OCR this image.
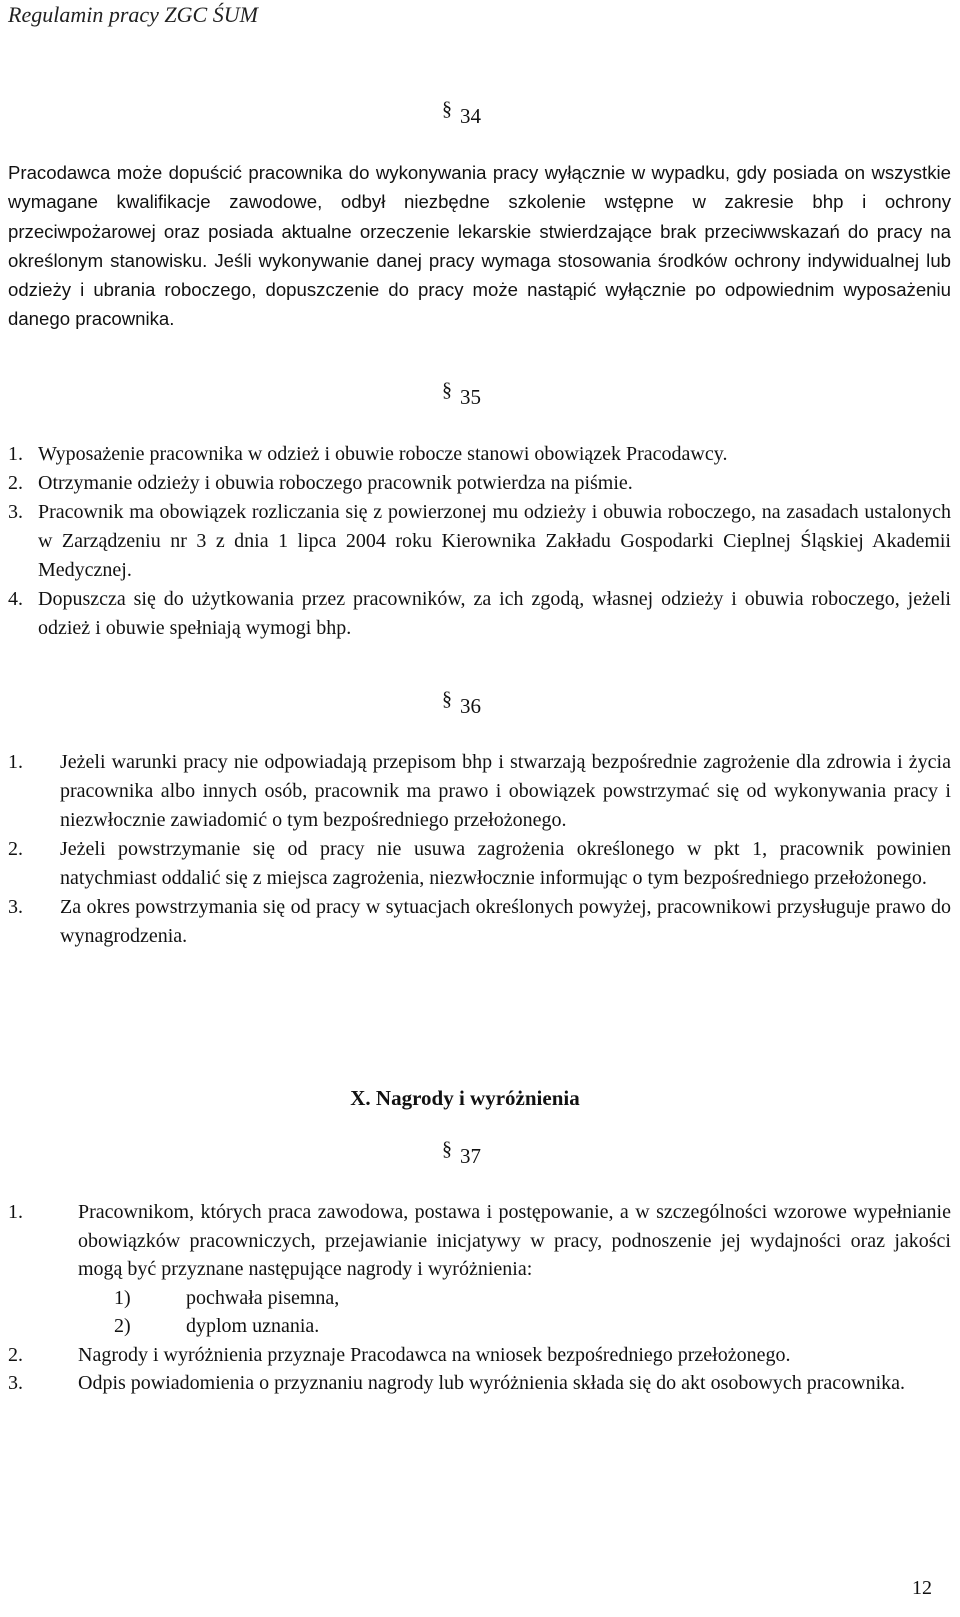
Regulamin pracy ZGC ŚUM
§ 34
Pracodawca może dopuścić pracownika do wykonywania pracy wyłącznie w wypadku, gdy posiada on wszystkie wymagane kwalifikacje zawodowe, odbył niezbędne szkolenie wstępne w zakresie bhp i ochrony przeciwpożarowej oraz posiada aktualne orzeczenie lekarskie stwierdzające brak przeciwwskazań do pracy na określonym stanowisku. Jeśli wykonywanie danej pracy wymaga stosowania środków ochrony indywidualnej lub odzieży i ubrania roboczego, dopuszczenie do pracy może nastąpić wyłącznie po odpowiednim wyposażeniu danego pracownika.
§ 35
1. Wyposażenie pracownika w odzież i obuwie robocze stanowi obowiązek Pracodawcy.
2. Otrzymanie odzieży i obuwia roboczego pracownik potwierdza na piśmie.
3. Pracownik ma obowiązek rozliczania się z powierzonej mu odzieży i obuwia roboczego, na zasadach ustalonych w Zarządzeniu nr 3 z dnia 1 lipca 2004 roku Kierownika Zakładu Gospodarki Cieplnej Śląskiej Akademii Medycznej.
4. Dopuszcza się do użytkowania przez pracowników, za ich zgodą, własnej odzieży i obuwia roboczego, jeżeli odzież i obuwie spełniają wymogi bhp.
§ 36
1. Jeżeli warunki pracy nie odpowiadają przepisom bhp i stwarzają bezpośrednie zagrożenie dla zdrowia i życia pracownika albo innych osób, pracownik ma prawo i obowiązek powstrzymać się od wykonywania pracy i niezwłocznie zawiadomić o tym bezpośredniego przełożonego.
2. Jeżeli powstrzymanie się od pracy nie usuwa zagrożenia określonego w pkt 1, pracownik powinien natychmiast oddalić się z miejsca zagrożenia, niezwłocznie informując o tym bezpośredniego przełożonego.
3. Za okres powstrzymania się od pracy w sytuacjach określonych powyżej, pracownikowi przysługuje prawo do wynagrodzenia.
X. Nagrody i wyróżnienia
§ 37
1.	Pracownikom, których praca zawodowa, postawa i postępowanie, a w szczególności wzorowe wypełnianie obowiązków pracowniczych, przejawianie inicjatywy w pracy, podnoszenie jej wydajności oraz jakości mogą być przyznane następujące nagrody i wyróżnienia:
1)	pochwała pisemna,
2)	dyplom uznania.
2.	Nagrody i wyróżnienia przyznaje Pracodawca na wniosek bezpośredniego przełożonego.
3.	Odpis powiadomienia o przyznaniu nagrody lub wyróżnienia składa się do akt osobowych pracownika.
12
